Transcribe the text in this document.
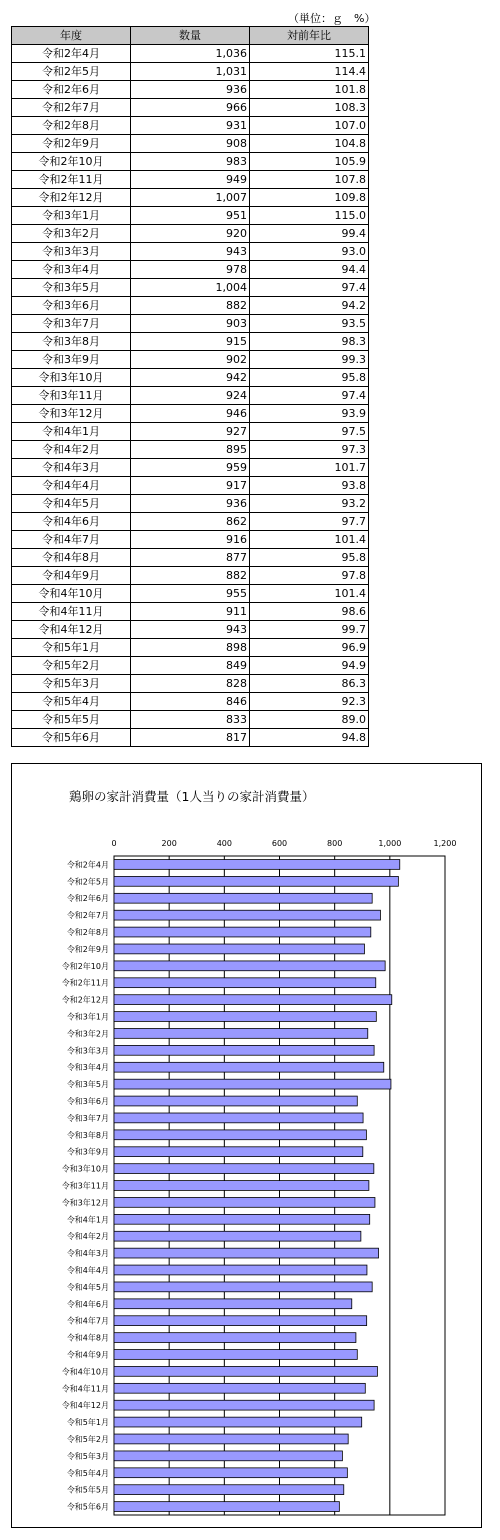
（単位：ｇ　%）
年度	数量	対前年比
令和2年4月	1,036	115.1
令和2年5月	1,031	114.4
令和2年6月	936	101.8
令和2年7月	966	108.3
令和2年8月	931	107.0
令和2年9月	908	104.8
令和2年10月	983	105.9
令和2年11月	949	107.8
令和2年12月	1,007	109.8
令和3年1月	951	115.0
令和3年2月	920	99.4
令和3年3月	943	93.0
令和3年4月	978	94.4
令和3年5月	1,004	97.4
令和3年6月	882	94.2
令和3年7月	903	93.5
令和3年8月	915	98.3
令和3年9月	902	99.3
令和3年10月	942	95.8
令和3年11月	924	97.4
令和3年12月	946	93.9
令和4年1月	927	97.5
令和4年2月	895	97.3
令和4年3月	959	101.7
令和4年4月	917	93.8
令和4年5月	936	93.2
令和4年6月	862	97.7
令和4年7月	916	101.4
令和4年8月	877	95.8
令和4年9月	882	97.8
令和4年10月	955	101.4
令和4年11月	911	98.6
令和4年12月	943	99.7
令和5年1月	898	96.9
令和5年2月	849	94.9
令和5年3月	828	86.3
令和5年4月	846	92.3
令和5年5月	833	89.0
令和5年6月	817	94.8
鶏卵の家計消費量（1人当りの家計消費量）
0	200	400	600	800	1,000	1,200
令和2年4月
令和2年5月
令和2年6月
令和2年7月
令和2年8月
令和2年9月
令和2年10月
令和2年11月
令和2年12月
令和3年1月
令和3年2月
令和3年3月
令和3年4月
令和3年5月
令和3年6月
令和3年7月
令和3年8月
令和3年9月
令和3年10月
令和3年11月
令和3年12月
令和4年1月
令和4年2月
令和4年3月
令和4年4月
令和4年5月
令和4年6月
令和4年7月
令和4年8月
令和4年9月
令和4年10月
令和4年11月
令和4年12月
令和5年1月
令和5年2月
令和5年3月
令和5年4月
令和5年5月
令和5年6月
